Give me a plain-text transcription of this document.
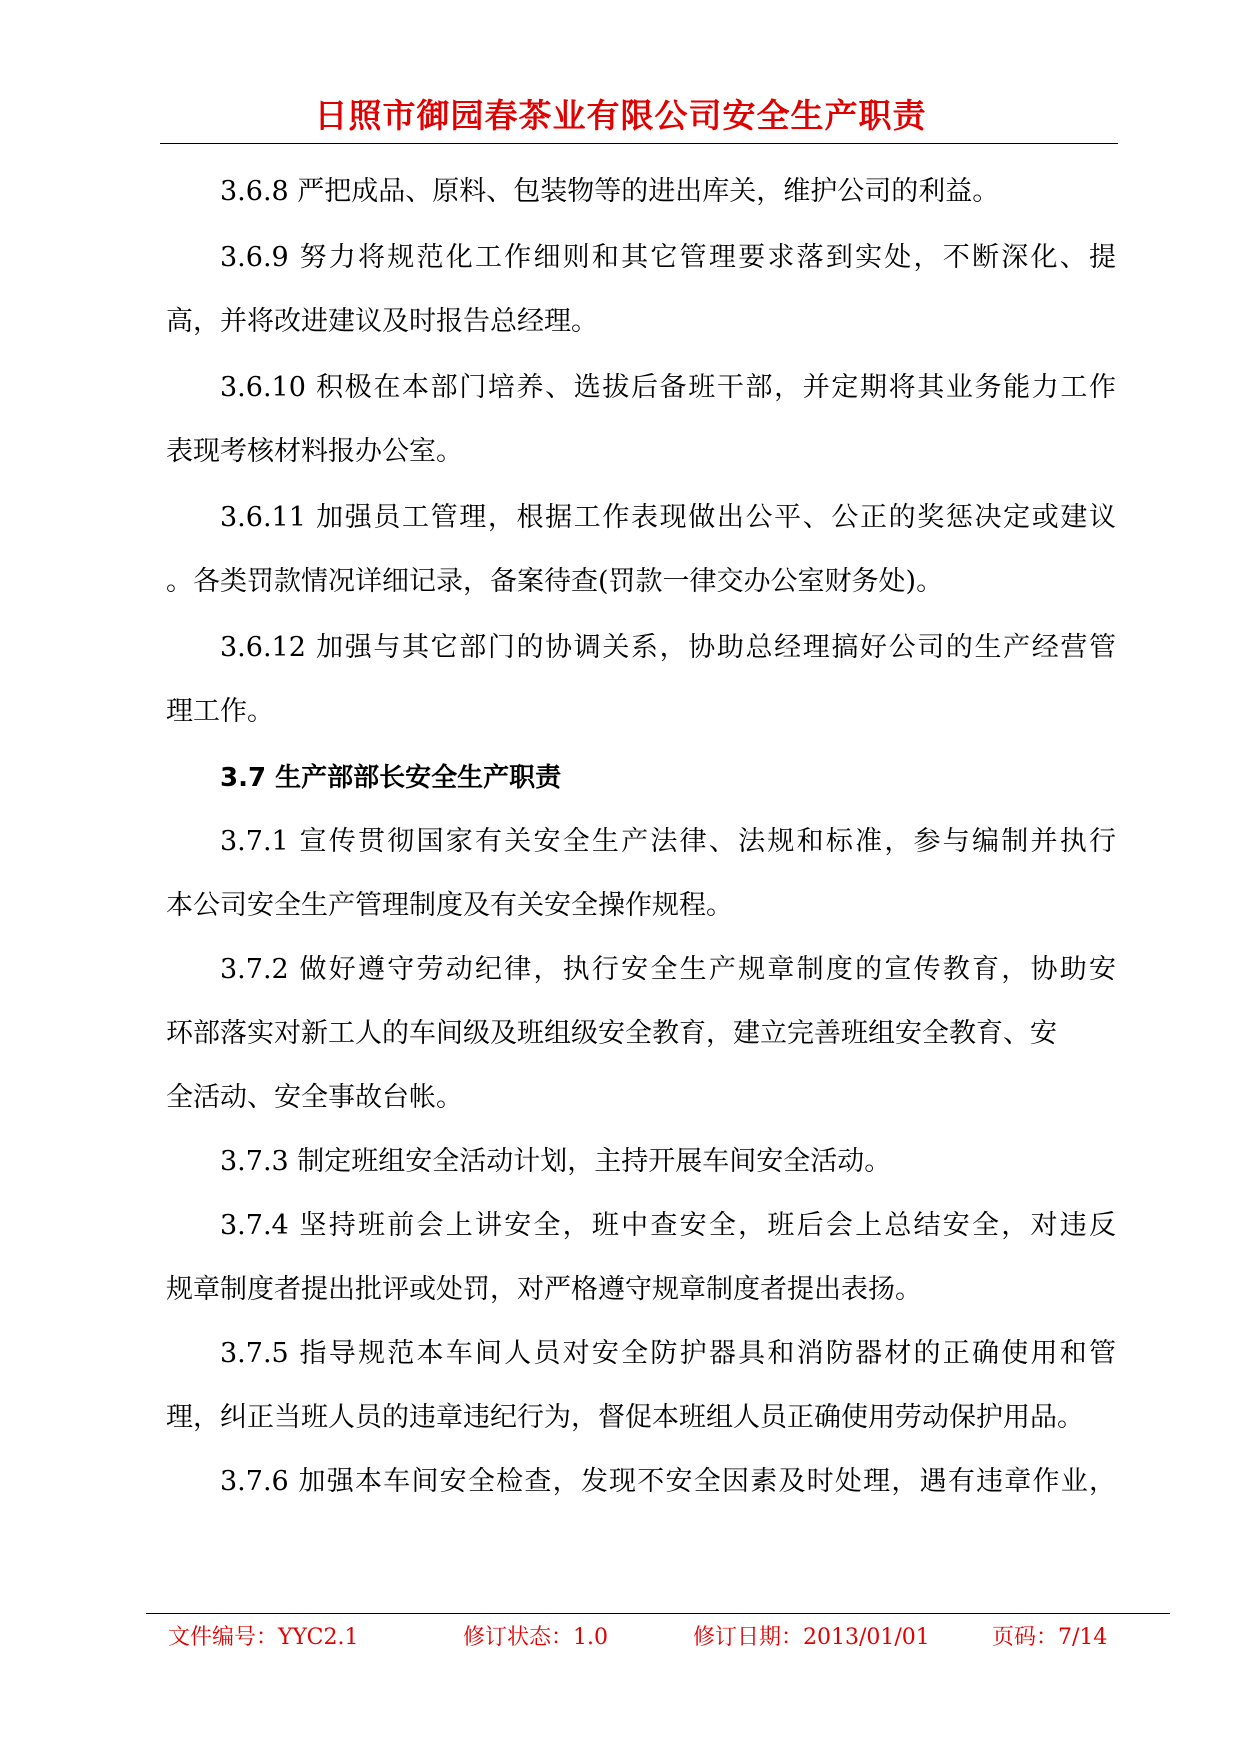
日照市御园春茶业有限公司安全生产职责

3.6.8 严把成品、原料、包装物等的进出库关，维护公司的利益。

3.6.9 努力将规范化工作细则和其它管理要求落到实处，不断深化、提
高，并将改进建议及时报告总经理。

3.6.10 积极在本部门培养、选拔后备班干部，并定期将其业务能力工作
表现考核材料报办公室。

3.6.11 加强员工管理，根据工作表现做出公平、公正的奖惩决定或建议
。各类罚款情况详细记录，备案待查(罚款一律交办公室财务处)。

3.6.12 加强与其它部门的协调关系，协助总经理搞好公司的生产经营管
理工作。

3.7 生产部部长安全生产职责

3.7.1 宣传贯彻国家有关安全生产法律、法规和标准，参与编制并执行
本公司安全生产管理制度及有关安全操作规程。

3.7.2 做好遵守劳动纪律，执行安全生产规章制度的宣传教育，协助安
环部落实对新工人的车间级及班组级安全教育，建立完善班组安全教育、安
全活动、安全事故台帐。

3.7.3 制定班组安全活动计划，主持开展车间安全活动。

3.7.4 坚持班前会上讲安全，班中查安全，班后会上总结安全，对违反
规章制度者提出批评或处罚，对严格遵守规章制度者提出表扬。

3.7.5 指导规范本车间人员对安全防护器具和消防器材的正确使用和管
理，纠正当班人员的违章违纪行为，督促本班组人员正确使用劳动保护用品。

3.7.6 加强本车间安全检查，发现不安全因素及时处理，遇有违章作业，

文件编号：YYC2.1	修订状态：1.0	修订日期：2013/01/01	页码：7/14
